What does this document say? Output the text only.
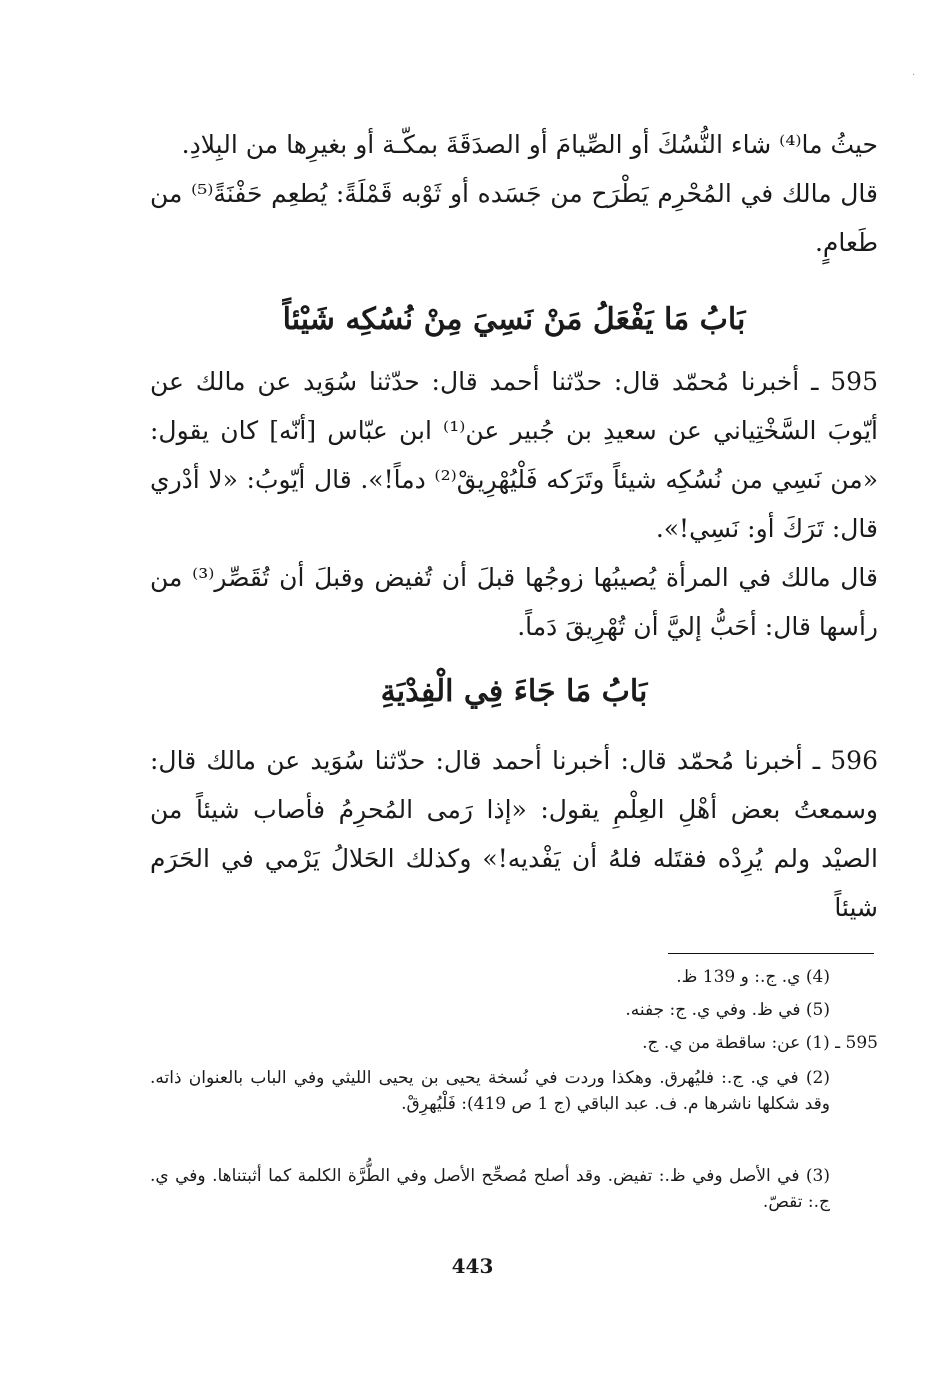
·
حيثُ ما⁽⁴⁾ شاء النُّسُكَ أو الصِّيامَ أو الصدَقَةَ بمكّـة أو بغيرِها من البِلادِ.
قال مالك في المُحْرِم يَطْرَح من جَسَده أو ثَوْبه قَمْلَةً: يُطعِم حَفْنَةً⁽⁵⁾ من طَعامٍ.
بَابُ مَا يَفْعَلُ مَنْ نَسِيَ مِنْ نُسُكِه شَيْئاً
595 ـ أخبرنا مُحمّد قال: حدّثنا أحمد قال: حدّثنا سُوَيد عن مالك عن أيّوبَ السَّخْتِياني عن سعيدِ بن جُبير عن⁽¹⁾ ابن عبّاس [أنّه] كان يقول: «من نَسِي من نُسُكِه شيئاً وتَرَكه فَلْيُهْرِيقْ⁽²⁾ دماً!». قال أيّوبُ: «لا أدْري قال: تَرَكَ أو: نَسِي!».
قال مالك في المرأة يُصيبُها زوجُها قبلَ أن تُفيض وقبلَ أن تُقَصِّر⁽³⁾ من رأسها قال: أحَبُّ إليَّ أن تُهْرِيقَ دَماً.
بَابُ مَا جَاءَ فِي الْفِدْيَةِ
596 ـ أخبرنا مُحمّد قال: أخبرنا أحمد قال: حدّثنا سُوَيد عن مالك قال: وسمعتُ بعض أهْلِ العِلْمِ يقول: «إذا رَمى المُحرِمُ فأصاب شيئاً من الصيْد ولم يُرِدْه فقتَله فلهُ أن يَفْديه!» وكذلك الحَلالُ يَرْمي في الحَرَم شيئاً
(4) ي. ج.: و 139 ظ.
(5) في ظ. وفي ي. ج: جفنه.
595 ـ (1) عن: ساقطة من ي. ج.
(2) في ي. ج.: فليُهرق. وهكذا وردت في نُسخة يحيى بن يحيى الليثي وفي الباب بالعنوان ذاته. وقد شكلها ناشرها م. ف. عبد الباقي (ج 1 ص 419): فَلْيُهرِقْ.
(3) في الأصل وفي ظ.: تفيض. وقد أصلح مُصحِّح الأصل وفي الطُّرَّة الكلمة كما أثبتناها. وفي ي. ج.: تقصّ.
443
